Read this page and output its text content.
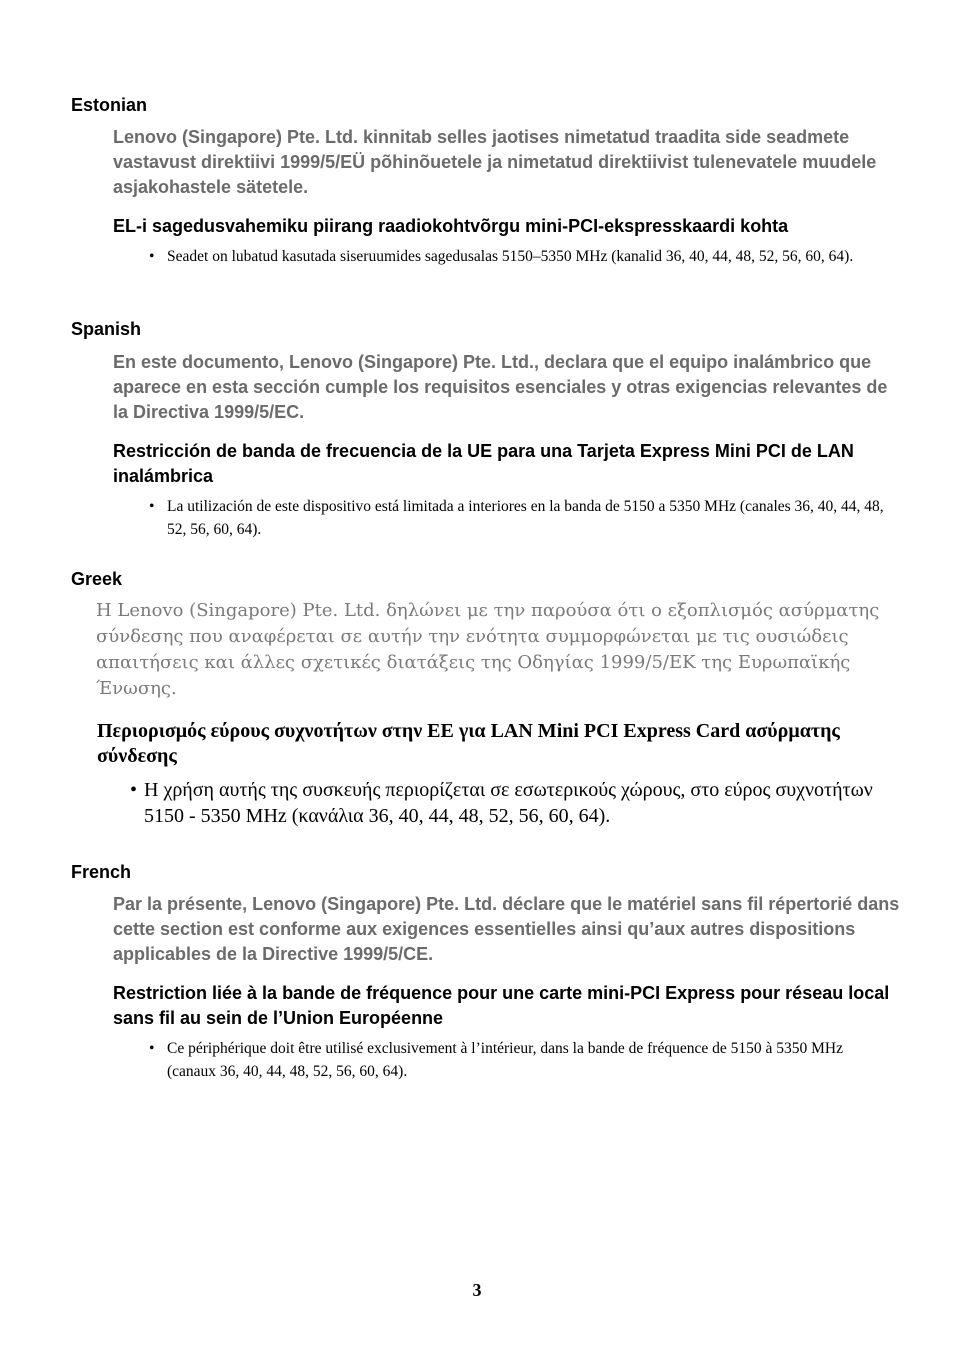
Estonian

Lenovo (Singapore) Pte. Ltd. kinnitab selles jaotises nimetatud traadita side seadmete vastavust direktiivi 1999/5/EÜ põhinõuetele ja nimetatud direktiivist tulenevatele muudele asjakohastele sätetele.

EL-i sagedusvahemiku piirang raadiokohtvõrgu mini-PCI-ekspresskaardi kohta
• Seadet on lubatud kasutada siseruumides sagedusalas 5150–5350 MHz (kanalid 36, 40, 44, 48, 52, 56, 60, 64).
Spanish

En este documento, Lenovo (Singapore) Pte. Ltd., declara que el equipo inalámbrico que aparece en esta sección cumple los requisitos esenciales y otras exigencias relevantes de la Directiva 1999/5/EC.

Restricción de banda de frecuencia de la UE para una Tarjeta Express Mini PCI de LAN inalámbrica
• La utilización de este dispositivo está limitada a interiores en la banda de 5150 a 5350 MHz (canales 36, 40, 44, 48, 52, 56, 60, 64).
Greek

Η Lenovo (Singapore) Pte. Ltd. δηλώνει με την παρούσα ότι ο εξοπλισμός ασύρματης σύνδεσης που αναφέρεται σε αυτήν την ενότητα συμμορφώνεται με τις ουσιώδεις απαιτήσεις και άλλες σχετικές διατάξεις της Οδηγίας 1999/5/ΕΚ της Ευρωπαϊκής Ένωσης.

Περιορισμός εύρους συχνοτήτων στην ΕΕ για LAN Mini PCI Express Card ασύρματης σύνδεσης
• Η χρήση αυτής της συσκευής περιορίζεται σε εσωτερικούς χώρους, στο εύρος συχνοτήτων 5150 - 5350 MHz (κανάλια 36, 40, 44, 48, 52, 56, 60, 64).
French

Par la présente, Lenovo (Singapore) Pte. Ltd. déclare que le matériel sans fil répertorié dans cette section est conforme aux exigences essentielles ainsi qu’aux autres dispositions applicables de la Directive 1999/5/CE.

Restriction liée à la bande de fréquence pour une carte mini-PCI Express pour réseau local sans fil au sein de l’Union Européenne
• Ce périphérique doit être utilisé exclusivement à l’intérieur, dans la bande de fréquence de 5150 à 5350 MHz (canaux 36, 40, 44, 48, 52, 56, 60, 64).
3
